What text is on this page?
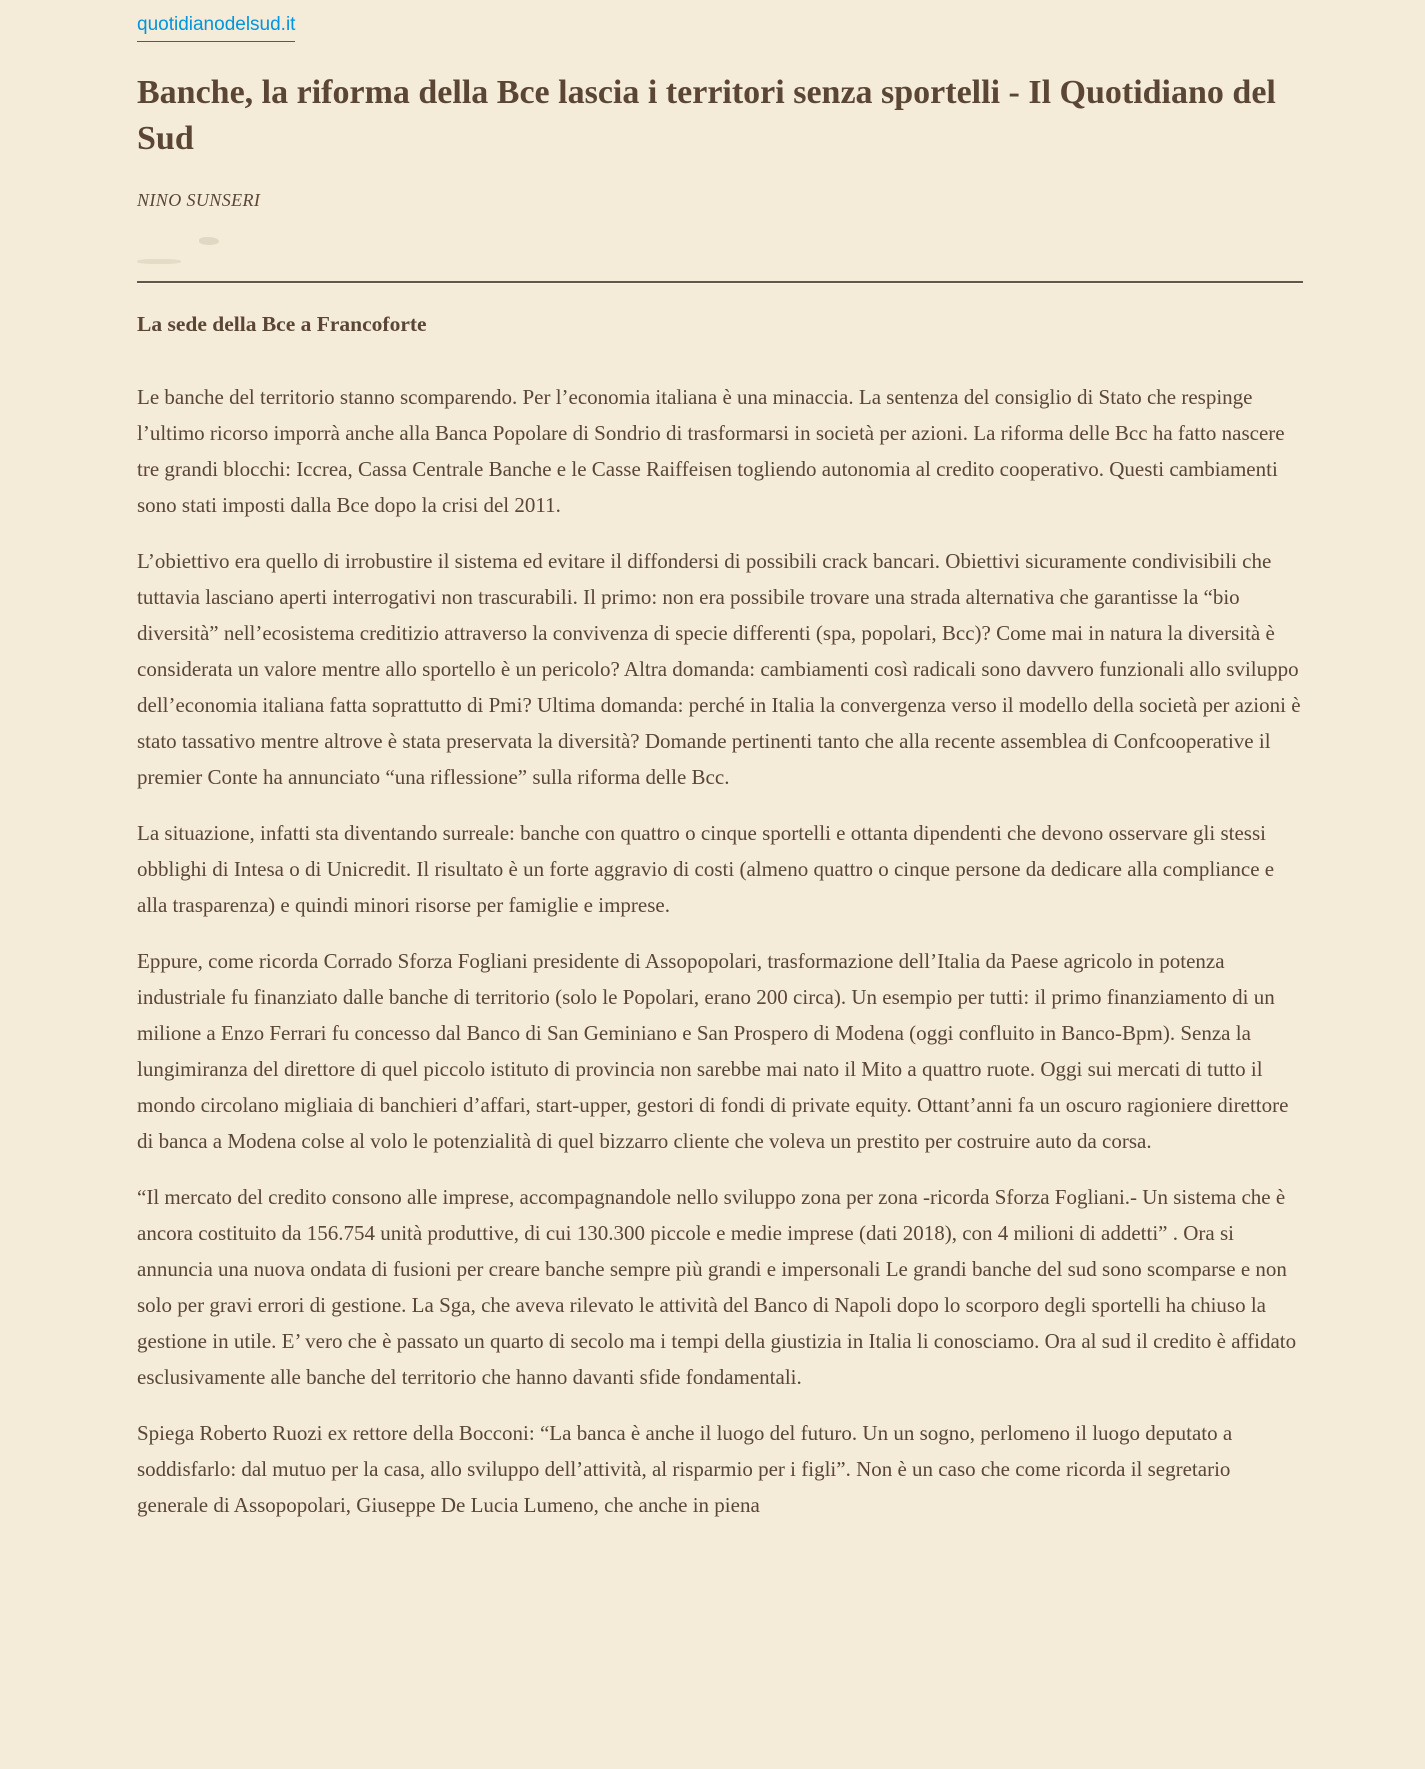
quotidianodelsud.it
Banche, la riforma della Bce lascia i territori senza sportelli - Il Quotidiano del Sud
NINO SUNSERI

La sede della Bce a Francoforte

Le banche del territorio stanno scomparendo. Per l’economia italiana è una minaccia. La sentenza del consiglio di Stato che respinge l’ultimo ricorso imporrà anche alla Banca Popolare di Sondrio di trasformarsi in società per azioni. La riforma delle Bcc ha fatto nascere tre grandi blocchi: Iccrea, Cassa Centrale Banche e le Casse Raiffeisen togliendo autonomia al credito cooperativo. Questi cambiamenti sono stati imposti dalla Bce dopo la crisi del 2011.

L’obiettivo era quello di irrobustire il sistema ed evitare il diffondersi di possibili crack bancari. Obiettivi sicuramente condivisibili che tuttavia lasciano aperti interrogativi non trascurabili. Il primo: non era possibile trovare una strada alternativa che garantisse la “bio diversità” nell’ecosistema creditizio attraverso la convivenza di specie differenti (spa, popolari, Bcc)? Come mai in natura la diversità è considerata un valore mentre allo sportello è un pericolo? Altra domanda: cambiamenti così radicali sono davvero funzionali allo sviluppo dell’economia italiana fatta soprattutto di Pmi? Ultima domanda: perché in Italia la convergenza verso il modello della società per azioni è stato tassativo mentre altrove è stata preservata la diversità? Domande pertinenti tanto che alla recente assemblea di Confcooperative il premier Conte ha annunciato “una riflessione” sulla riforma delle Bcc.

La situazione, infatti sta diventando surreale: banche con quattro o cinque sportelli e ottanta dipendenti che devono osservare gli stessi obblighi di Intesa o di Unicredit. Il risultato è un forte aggravio di costi (almeno quattro o cinque persone da dedicare alla compliance e alla trasparenza) e quindi minori risorse per famiglie e imprese.

Eppure, come ricorda Corrado Sforza Fogliani presidente di Assopopolari, trasformazione dell’Italia da Paese agricolo in potenza industriale fu finanziato dalle banche di territorio (solo le Popolari, erano 200 circa). Un esempio per tutti: il primo finanziamento di un milione a Enzo Ferrari fu concesso dal Banco di San Geminiano e San Prospero di Modena (oggi confluito in Banco-Bpm). Senza la lungimiranza del direttore di quel piccolo istituto di provincia non sarebbe mai nato il Mito a quattro ruote. Oggi sui mercati di tutto il mondo circolano migliaia di banchieri d’affari, start-upper, gestori di fondi di private equity. Ottant’anni fa un oscuro ragioniere direttore di banca a Modena colse al volo le potenzialità di quel bizzarro cliente che voleva un prestito per costruire auto da corsa.

“Il mercato del credito consono alle imprese, accompagnandole nello sviluppo zona per zona -ricorda Sforza Fogliani.- Un sistema che è ancora costituito da 156.754 unità produttive, di cui 130.300 piccole e medie imprese (dati 2018), con 4 milioni di addetti” . Ora si annuncia una nuova ondata di fusioni per creare banche sempre più grandi e impersonali Le grandi banche del sud sono scomparse e non solo per gravi errori di gestione. La Sga, che aveva rilevato le attività del Banco di Napoli dopo lo scorporo degli sportelli ha chiuso la gestione in utile. E’ vero che è passato un quarto di secolo ma i tempi della giustizia in Italia li conosciamo. Ora al sud il credito è affidato esclusivamente alle banche del territorio che hanno davanti sfide fondamentali.

Spiega Roberto Ruozi ex rettore della Bocconi: “La banca è anche il luogo del futuro. Un un sogno, perlomeno il luogo deputato a soddisfarlo: dal mutuo per la casa, allo sviluppo dell’attività, al risparmio per i figli”. Non è un caso che come ricorda il segretario generale di Assopopolari, Giuseppe De Lucia Lumeno, che anche in piena
